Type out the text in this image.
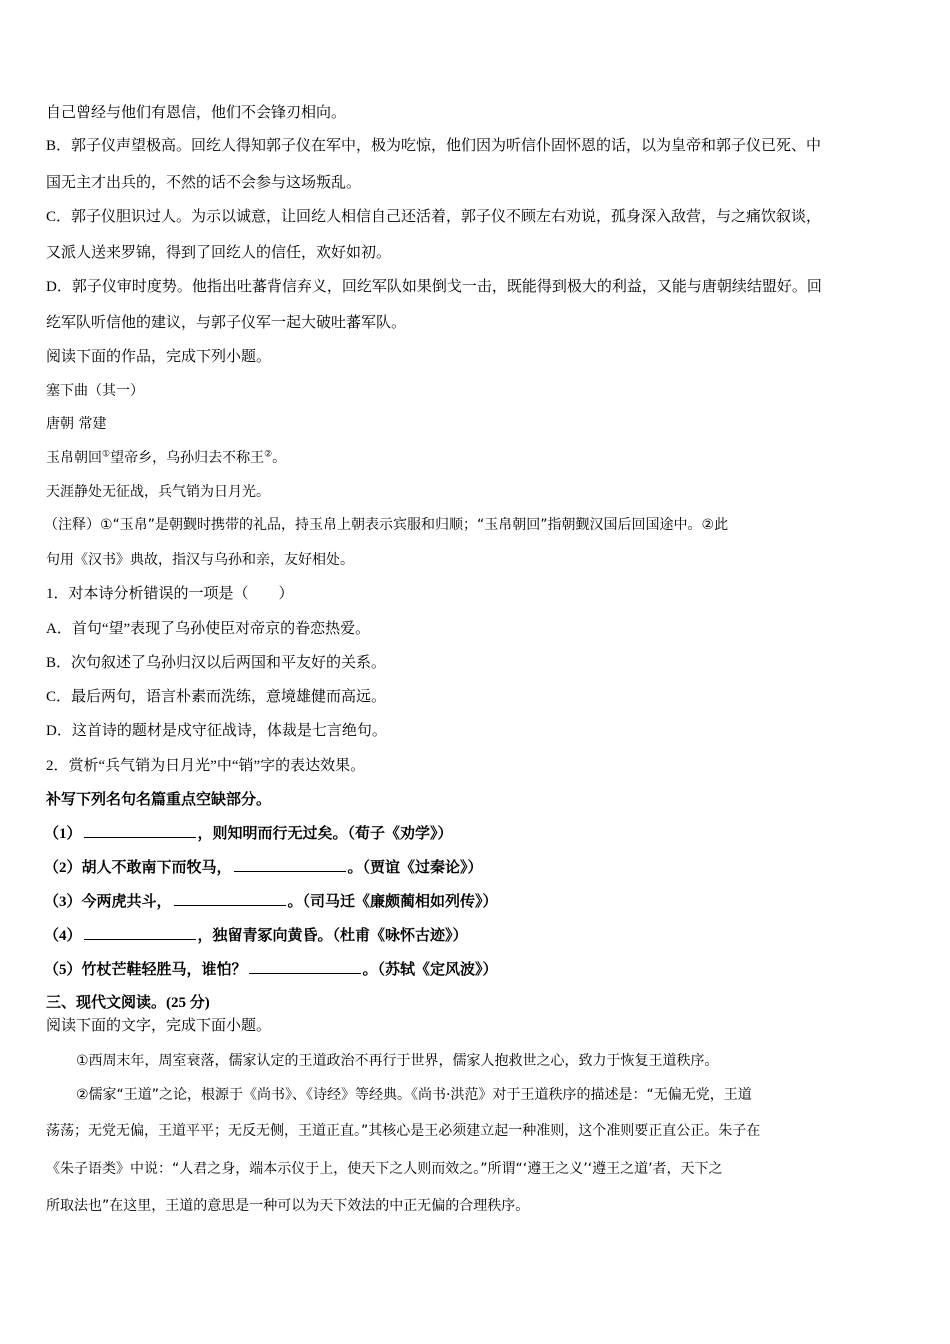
自己曾经与他们有恩信，他们不会锋刃相向。
B．郭子仪声望极高。回纥人得知郭子仪在军中，极为吃惊，他们因为听信仆固怀恩的话，以为皇帝和郭子仪已死、中
国无主才出兵的，不然的话不会参与这场叛乱。
C．郭子仪胆识过人。为示以诚意，让回纥人相信自己还活着，郭子仪不顾左右劝说，孤身深入敌营，与之痛饮叙谈，
又派人送来罗锦，得到了回纥人的信任，欢好如初。
D．郭子仪审时度势。他指出吐蕃背信弃义，回纥军队如果倒戈一击，既能得到极大的利益，又能与唐朝续结盟好。回
纥军队听信他的建议，与郭子仪军一起大破吐蕃军队。
阅读下面的作品，完成下列小题。
塞下曲（其一）
唐朝 常建
玉帛朝回①望帝乡，乌孙归去不称王②。
天涯静处无征战，兵气销为日月光。
（注释）①“玉帛”是朝觐时携带的礼品，持玉帛上朝表示宾服和归顺；“玉帛朝回”指朝觐汉国后回国途中。②此
句用《汉书》典故，指汉与乌孙和亲，友好相处。
1．对本诗分析错误的一项是（　　）
A．首句“望”表现了乌孙使臣对帝京的眷恋热爱。
B．次句叙述了乌孙归汉以后两国和平友好的关系。
C．最后两句，语言朴素而洗练，意境雄健而高远。
D．这首诗的题材是戍守征战诗，体裁是七言绝句。
2．赏析“兵气销为日月光”中“销”字的表达效果。
补写下列名句名篇重点空缺部分。
（1）	，则知明而行无过矣。（荀子《劝学》）
（2）胡人不敢南下而牧马，	。（贾谊《过秦论》）
（3）今两虎共斗，	。（司马迁《廉颇蔺相如列传》）
（4）	，独留青冢向黄昏。（杜甫《咏怀古迹》）
（5）竹杖芒鞋轻胜马，谁怕？	。（苏轼《定风波》）
三、现代文阅读。(25 分)
阅读下面的文字，完成下面小题。
①西周末年，周室衰落，儒家认定的王道政治不再行于世界，儒家人抱救世之心，致力于恢复王道秩序。
②儒家“王道”之论，根源于《尚书》、《诗经》等经典。《尚书·洪范》对于王道秩序的描述是：“无偏无党，王道
荡荡；无党无偏，王道平平；无反无侧，王道正直。”其核心是王必须建立起一种准则，这个准则要正直公正。朱子在
《朱子语类》中说：“人君之身，端本示仪于上，使天下之人则而效之。”所谓“‘遵王之义’‘遵王之道’者，天下之
所取法也”在这里，王道的意思是一种可以为天下效法的中正无偏的合理秩序。
